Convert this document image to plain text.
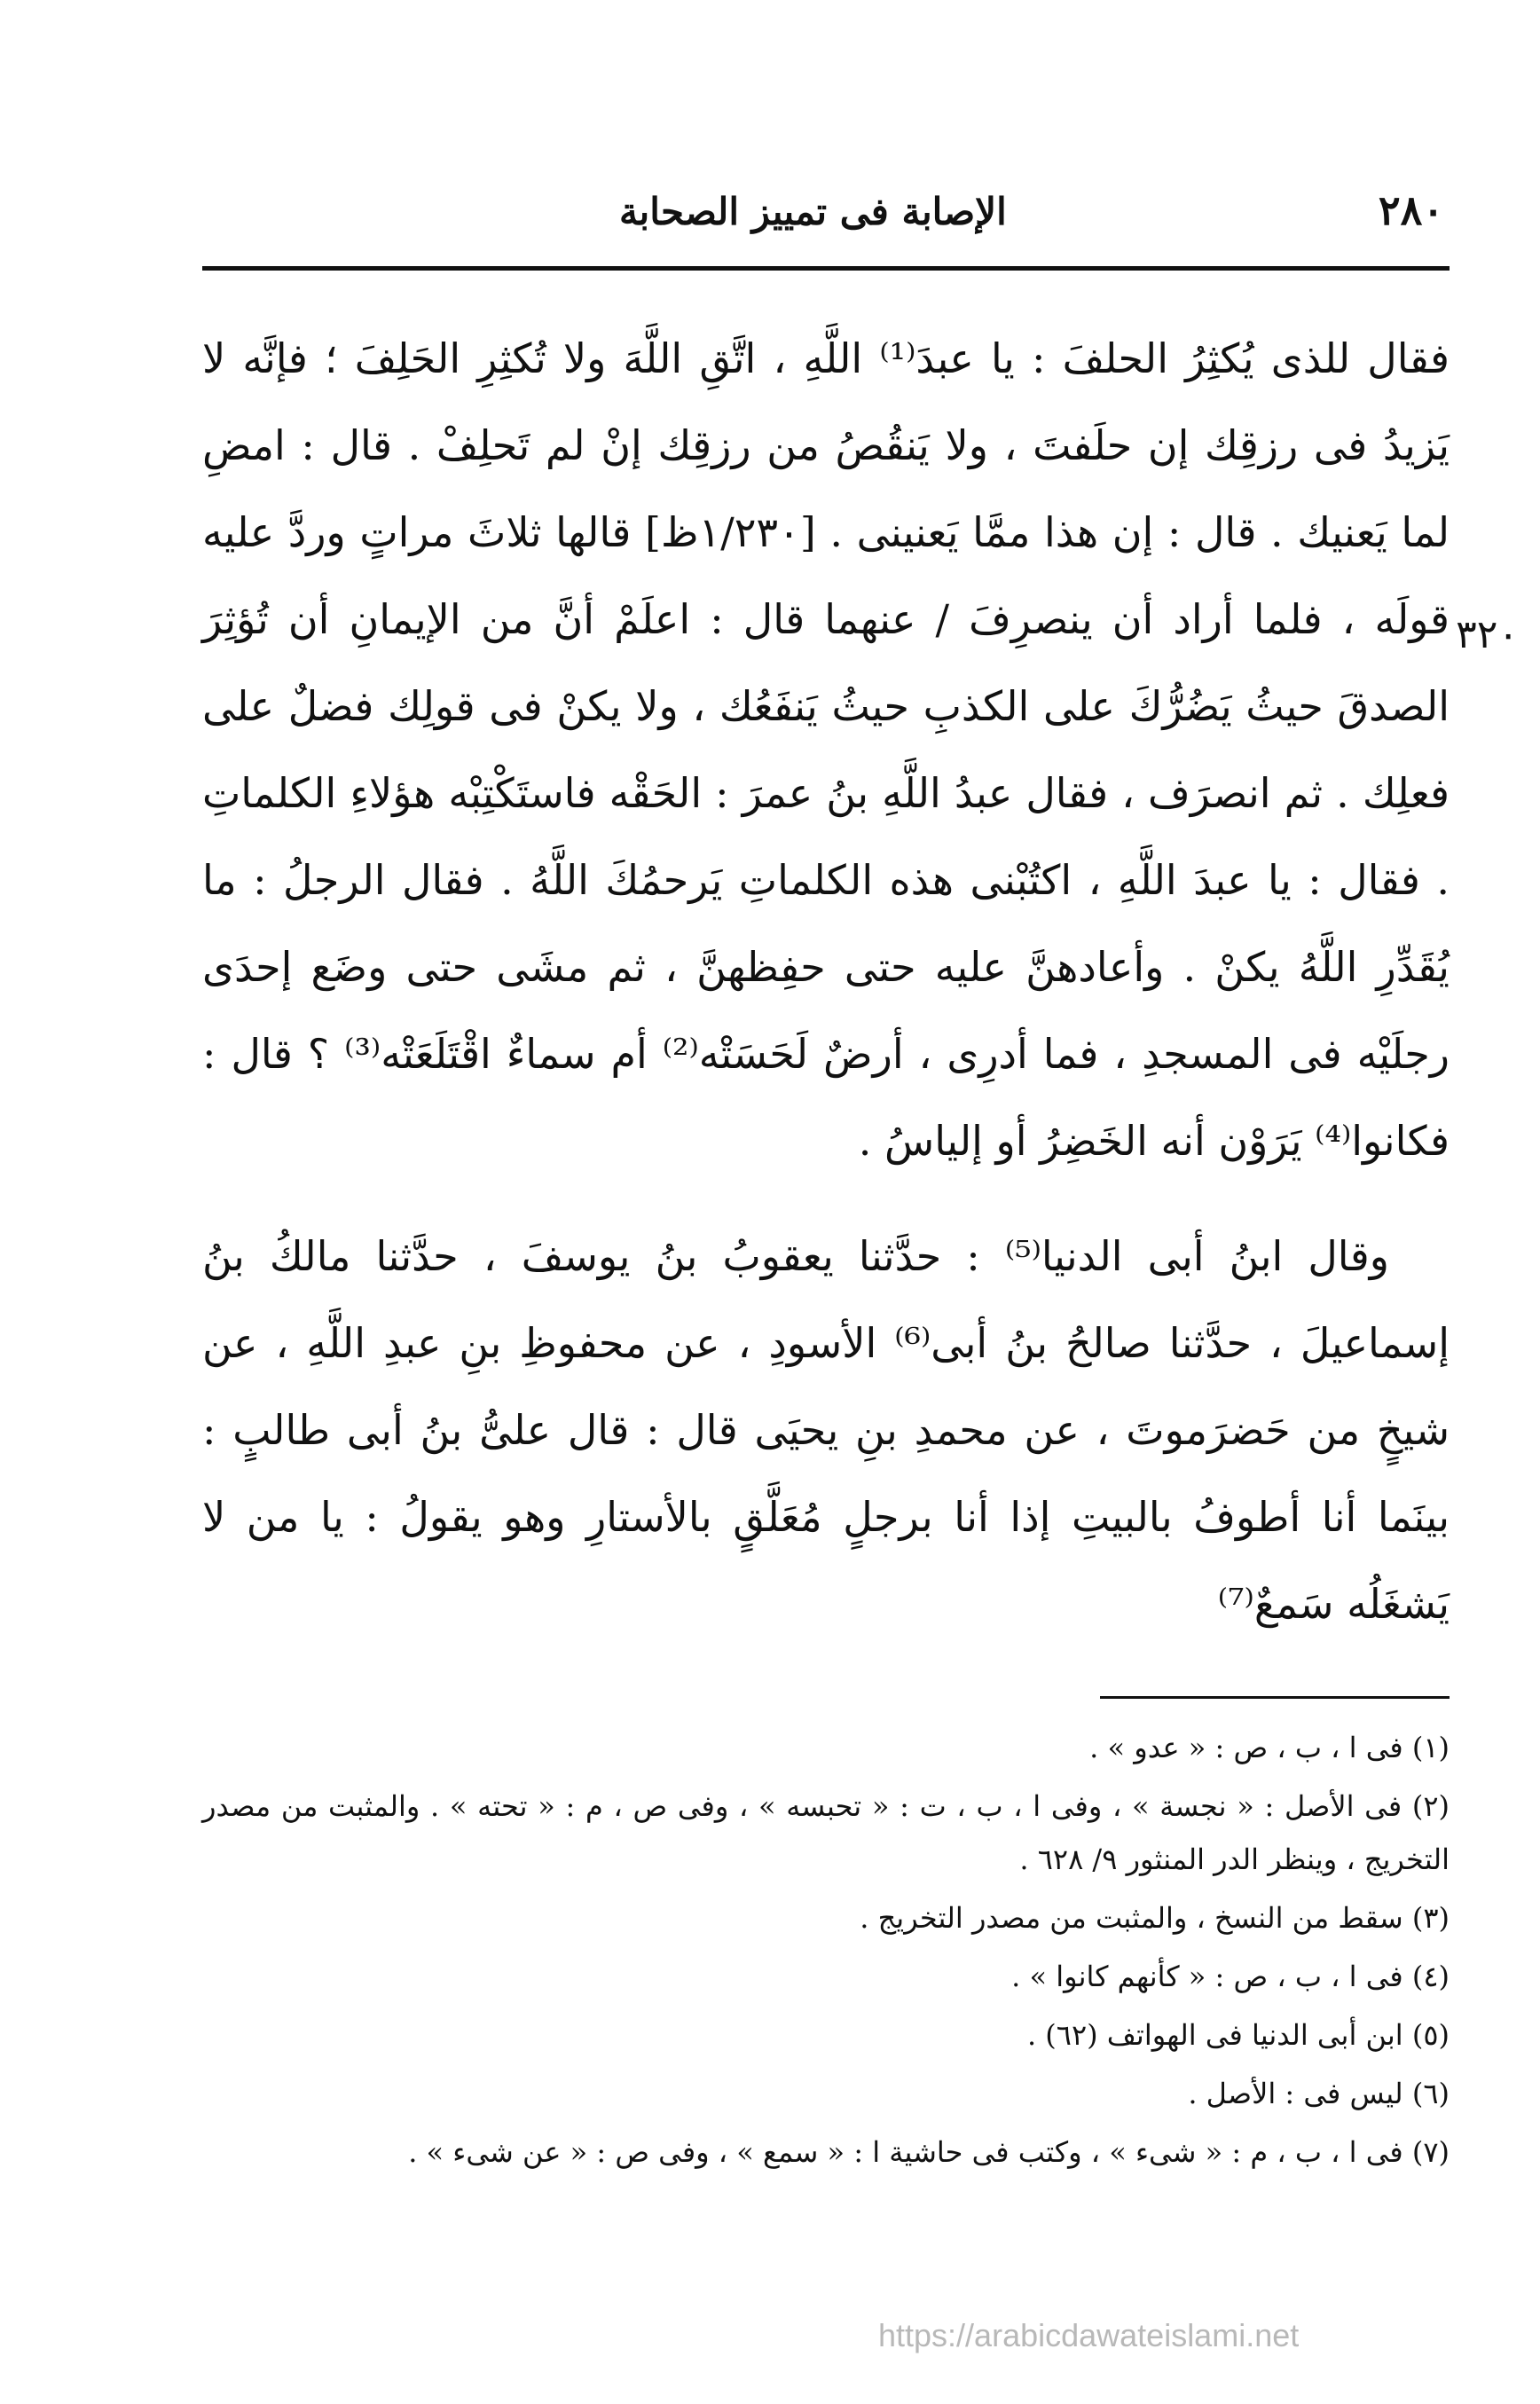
٢٨٠
الإصابة فى تمييز الصحابة
٣٢٠

فقال للذى يُكثِرُ الحلفَ : يا عبدَ⁽¹⁾ اللَّهِ ، اتَّقِ اللَّهَ ولا تُكثِرِ الحَلِفَ ؛ فإنَّه لا يَزيدُ فى رزقِك إن حلَفتَ ، ولا يَنقُصُ من رزقِك إنْ لم تَحلِفْ . قال : امضِ لما يَعنيك . قال : إن هذا ممَّا يَعنينى . [١/٢٣٠ظ] قالها ثلاثَ مراتٍ وردَّ عليه قولَه ، فلما أراد أن ينصرِفَ / عنهما قال : اعلَمْ أنَّ من الإيمانِ أن تُؤثِرَ الصدقَ حيثُ يَضُرُّكَ على الكذبِ حيثُ يَنفَعُك ، ولا يكنْ فى قولِك فضلٌ على فعلِك . ثم انصرَف ، فقال عبدُ اللَّهِ بنُ عمرَ : الحَقْه فاستَكْتِبْه هؤلاءِ الكلماتِ . فقال : يا عبدَ اللَّهِ ، اكتُبْنى هذه الكلماتِ يَرحمُكَ اللَّهُ . فقال الرجلُ : ما يُقَدِّرِ اللَّهُ يكنْ . وأعادهنَّ عليه حتى حفِظهنَّ ، ثم مشَى حتى وضَع إحدَى رجلَيْه فى المسجدِ ، فما أدرِى ، أرضٌ لَحَسَتْه⁽²⁾ أم سماءٌ اقْتَلَعَتْه⁽³⁾ ؟ قال : فكانوا⁽⁴⁾ يَرَوْن أنه الخَضِرُ أو إلياسُ .

وقال ابنُ أبى الدنيا⁽⁵⁾ : حدَّثنا يعقوبُ بنُ يوسفَ ، حدَّثنا مالكُ بنُ إسماعيلَ ، حدَّثنا صالحُ بنُ أبى⁽⁶⁾ الأسودِ ، عن محفوظِ بنِ عبدِ اللَّهِ ، عن شيخٍ من حَضرَموتَ ، عن محمدِ بنِ يحيَى قال : قال علىُّ بنُ أبى طالبٍ : بينَما أنا أطوفُ بالبيتِ إذا أنا برجلٍ مُعَلَّقٍ بالأستارِ وهو يقولُ : يا من لا يَشغَلُه سَمعٌ⁽⁷⁾

(١) فى ا ، ب ، ص : « عدو » .
(٢) فى الأصل : « نجسة » ، وفى ا ، ب ، ت : « تحبسه » ، وفى ص ، م : « تحته » . والمثبت من مصدر التخريج ، وينظر الدر المنثور ٩/ ٦٢٨ .
(٣) سقط من النسخ ، والمثبت من مصدر التخريج .
(٤) فى ا ، ب ، ص : « كأنهم كانوا » .
(٥) ابن أبى الدنيا فى الهواتف (٦٢) .
(٦) ليس فى : الأصل .
(٧) فى ا ، ب ، م : « شىء » ، وكتب فى حاشية ا : « سمع » ، وفى ص : « عن شىء » .
https://arabicdawateislami.net
